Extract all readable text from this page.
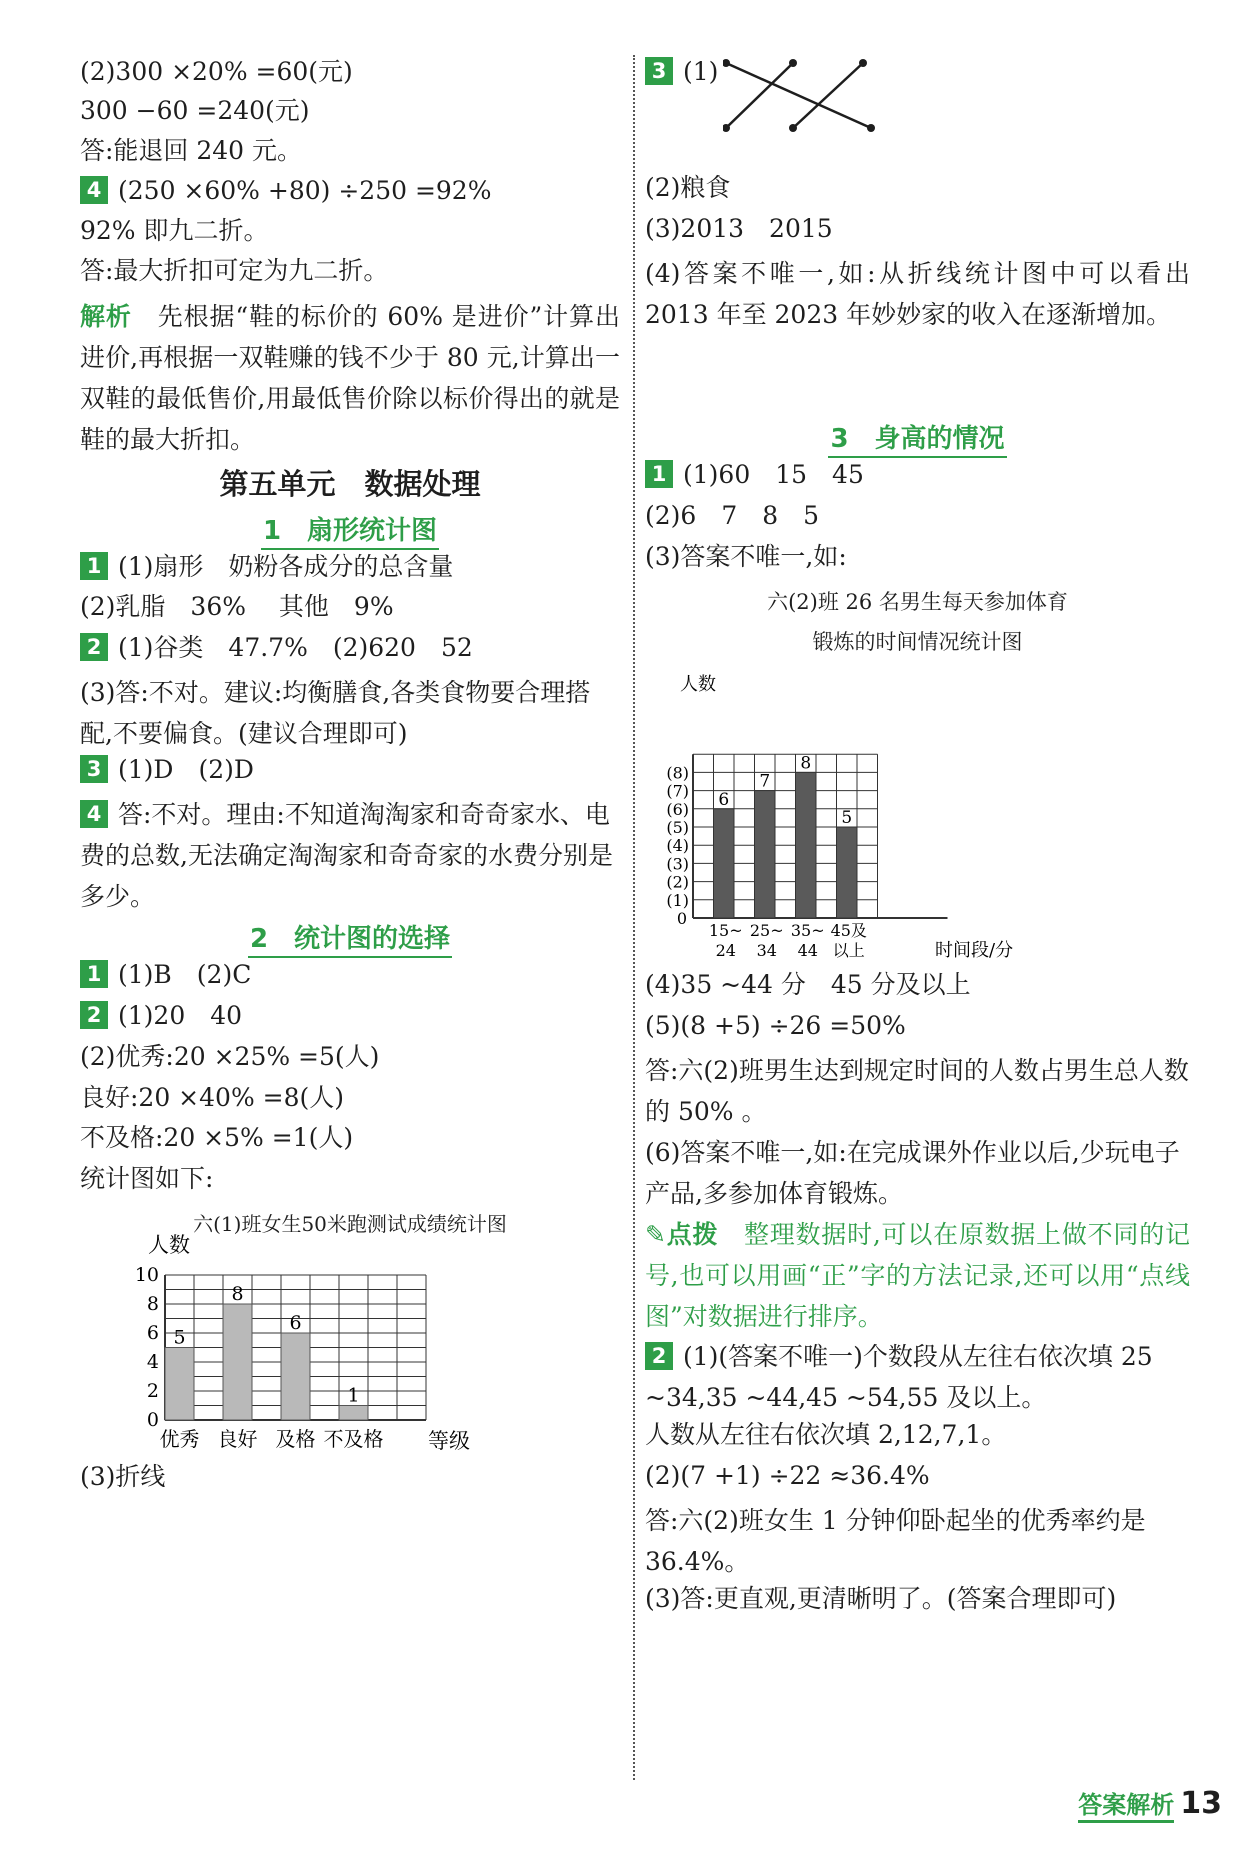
(2)300 ×20% =60(元)
300 −60 =240(元)
答:能退回 240 元。
4 (250 ×60% +80) ÷250 =92%
92% 即九二折。
答:最大折扣可定为九二折。
解析　 先根据“鞋的标价的 60% 是进价”计算出进价,再根据一双鞋赚的钱不少于 80 元,计算出一双鞋的最低售价,用最低售价除以标价得出的就是鞋的最大折扣。
第五单元　数据处理
1　扇形统计图
1 (1)扇形　奶粉各成分的总含量
(2)乳脂　36%　 其他　9%
2 (1)谷类　47.7%　(2)620　52
(3)答:不对。建议:均衡膳食,各类食物要合理搭配,不要偏食。(建议合理即可)
3 (1)D　(2)D
4 答:不对。理由:不知道淘淘家和奇奇家水、电费的总数,无法确定淘淘家和奇奇家的水费分别是多少。
2　统计图的选择
1 (1)B　(2)C
2 (1)20　40
(2)优秀:20 ×25% =5(人)
良好:20 ×40% =8(人)
不及格:20 ×5% =1(人)
统计图如下:
六(1)班女生50米跑测试成绩统计图
人数
5
8
6
1
0
2
4
6
8
10
优秀 良好 及格 不及格 等级
(3)折线
3 (1)
(2)粮食
(3)2013　2015
(4)答案不唯一,如:从折线统计图中可以看出 2013 年至 2023 年妙妙家的收入在逐渐增加。
3　身高的情况
1 (1)60　15　45
(2)6　7　8　5
(3)答案不唯一,如:
六(2)班 26 名男生每天参加体育
锻炼的时间情况统计图
人数
6
7
8
5
0
(1)
(2)
(3)
(4)
(5)
(6)
(7)
(8)
15~
24
25~
34
35~
44
45及
以上	时间段/分
(4)35 ~44 分　45 分及以上
(5)(8 +5) ÷26 =50%
答:六(2)班男生达到规定时间的人数占男生总人数的 50% 。
(6)答案不唯一,如:在完成课外作业以后,少玩电子产品,多参加体育锻炼。
✎点拨　 整理数据时,可以在原数据上做不同的记号,也可以用画“正”字的方法记录,还可以用“点线图”对数据进行排序。
2 (1)(答案不唯一)个数段从左往右依次填 25 ~34,35 ~44,45 ~54,55 及以上。
人数从左往右依次填 2,12,7,1。
(2)(7 +1) ÷22 ≈36.4%
答:六(2)班女生 1 分钟仰卧起坐的优秀率约是 36.4%。
(3)答:更直观,更清晰明了。(答案合理即可)
答案解析 13
